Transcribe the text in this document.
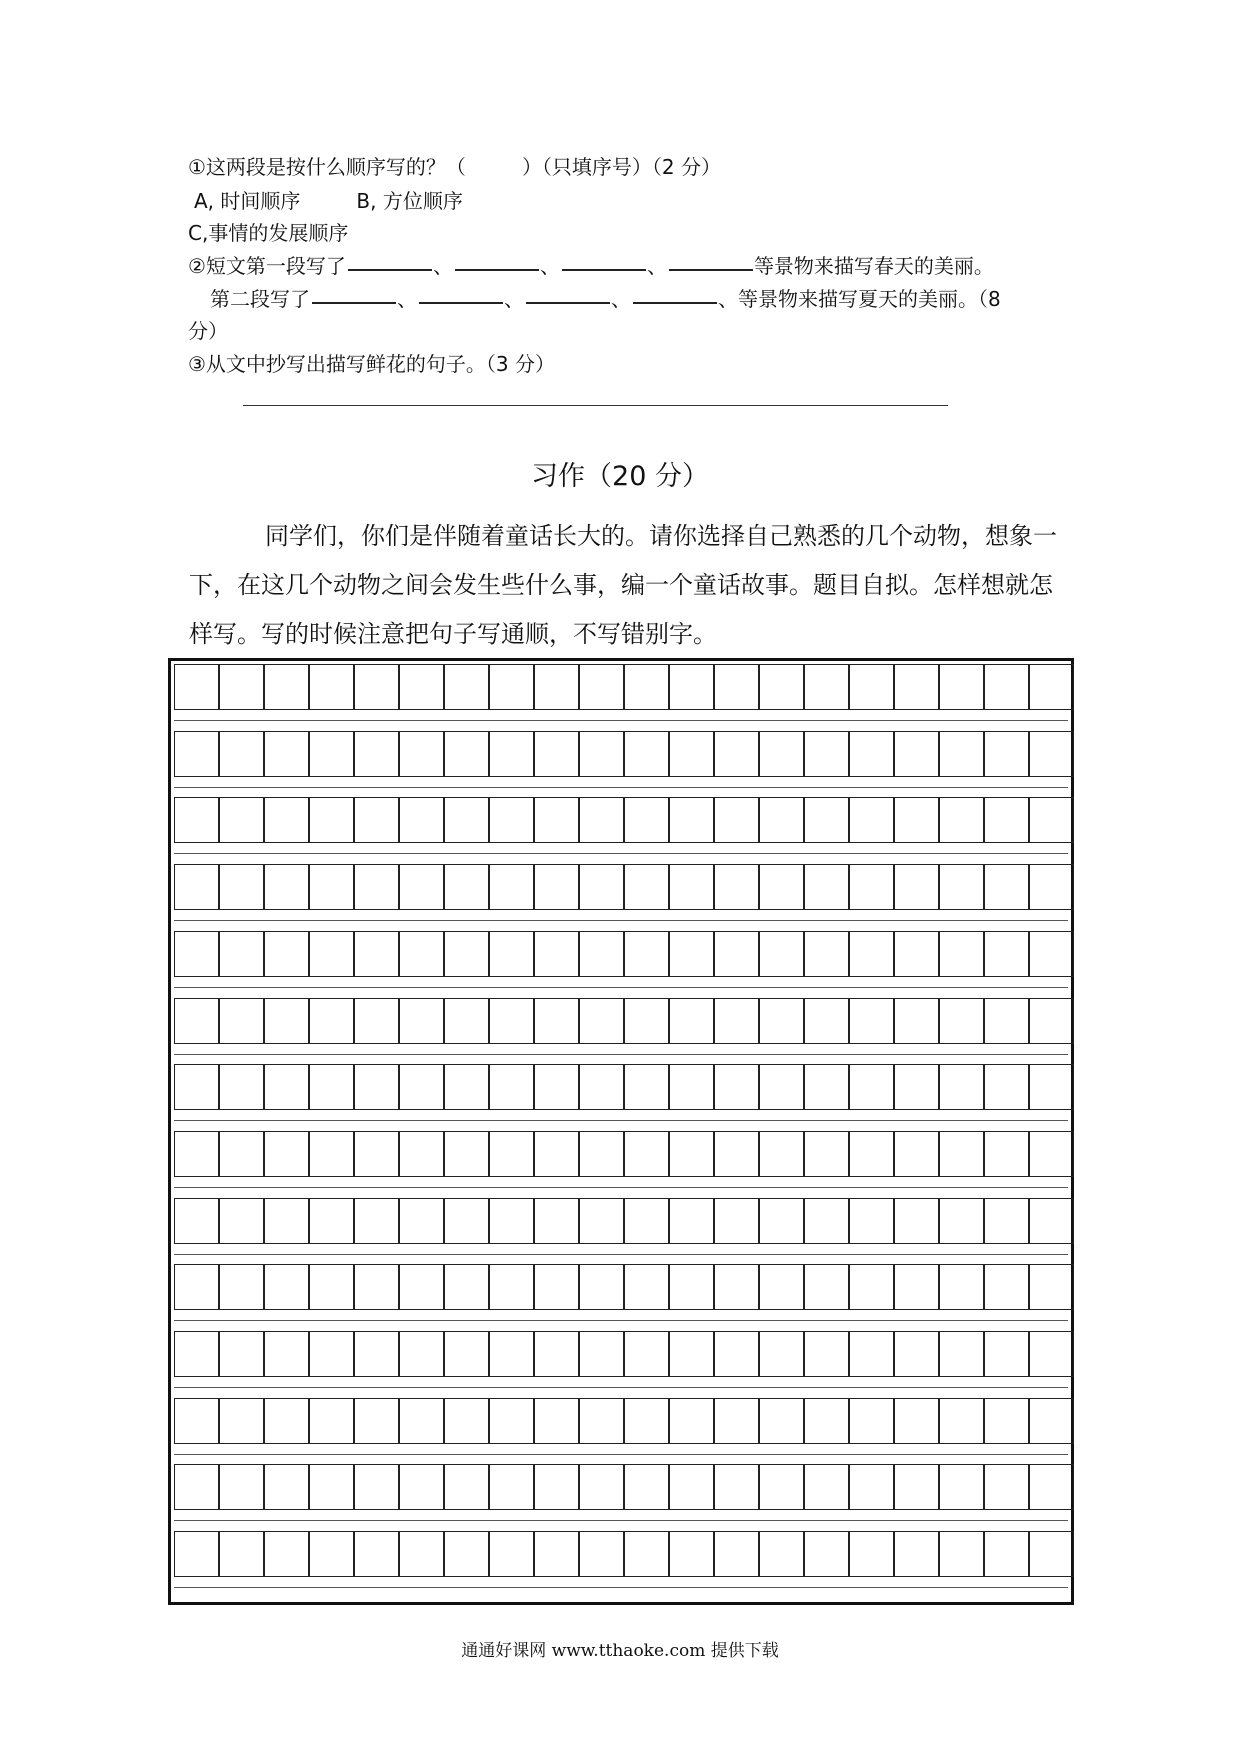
①这两段是按什么顺序写的？（	）（只填序号）（2 分）
A, 时间顺序	B, 方位顺序
C,事情的发展顺序
②短文第一段写了	、	、	、	等景物来描写春天的美丽。
第二段写了	、	、	、	、等景物来描写夏天的美丽。（8
分）
③从文中抄写出描写鲜花的句子。（3 分）
习作（20 分）
同学们，你们是伴随着童话长大的。请你选择自己熟悉的几个动物，想象一下，在这几个动物之间会发生些什么事，编一个童话故事。题目自拟。怎样想就怎样写。写的时候注意把句子写通顺，不写错别字。
通通好课网 www.tthaoke.com 提供下载
